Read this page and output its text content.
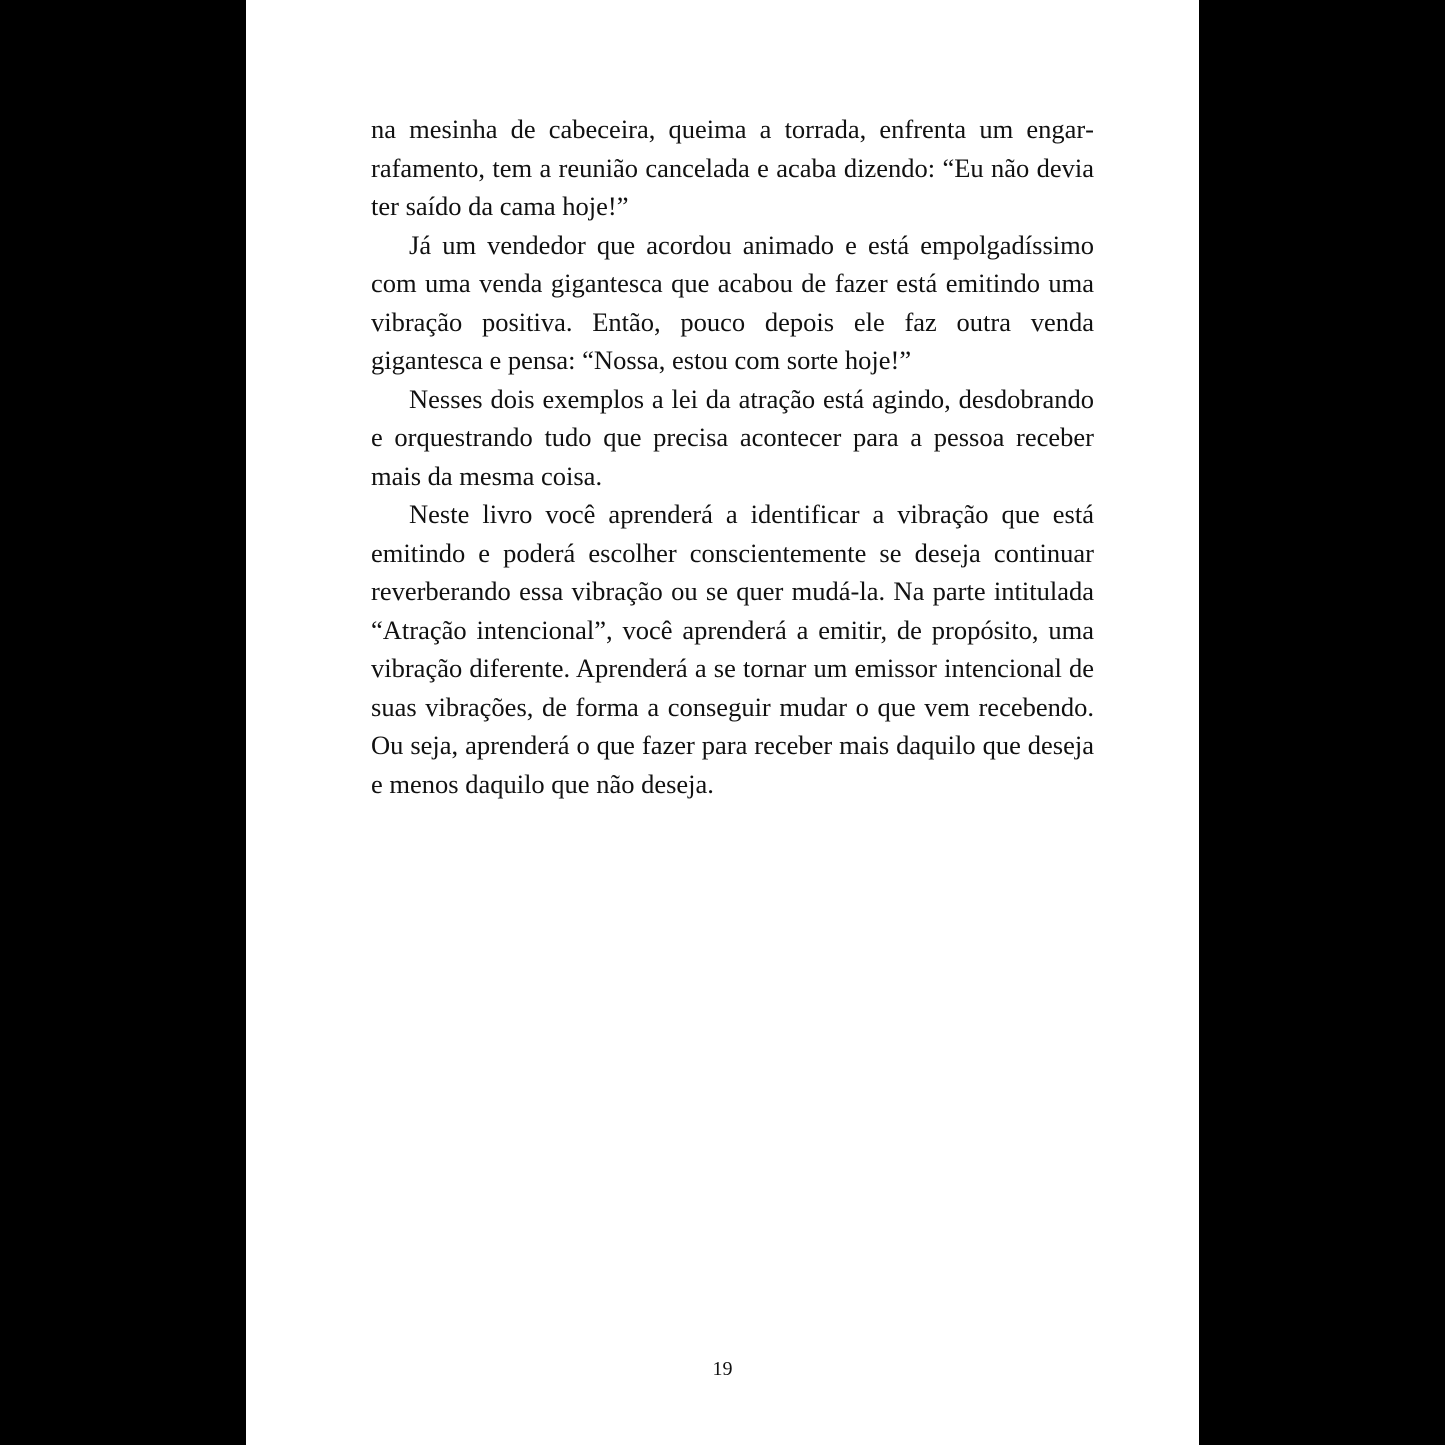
na mesinha de cabeceira, queima a torrada, enfrenta um engarrafamento, tem a reunião cancelada e acaba dizendo: “Eu não devia ter saído da cama hoje!”

Já um vendedor que acordou animado e está empolgadíssimo com uma venda gigantesca que acabou de fazer está emitindo uma vibração positiva. Então, pouco depois ele faz outra venda gigantesca e pensa: “Nossa, estou com sorte hoje!”

Nesses dois exemplos a lei da atração está agindo, desdobrando e orquestrando tudo que precisa acontecer para a pessoa receber mais da mesma coisa.

Neste livro você aprenderá a identificar a vibração que está emitindo e poderá escolher conscientemente se deseja continuar reverberando essa vibração ou se quer mudá-la. Na parte intitulada “Atração intencional”, você aprenderá a emitir, de propósito, uma vibração diferente. Aprenderá a se tornar um emissor intencional de suas vibrações, de forma a conseguir mudar o que vem recebendo. Ou seja, aprenderá o que fazer para receber mais daquilo que deseja e menos daquilo que não deseja.

19
